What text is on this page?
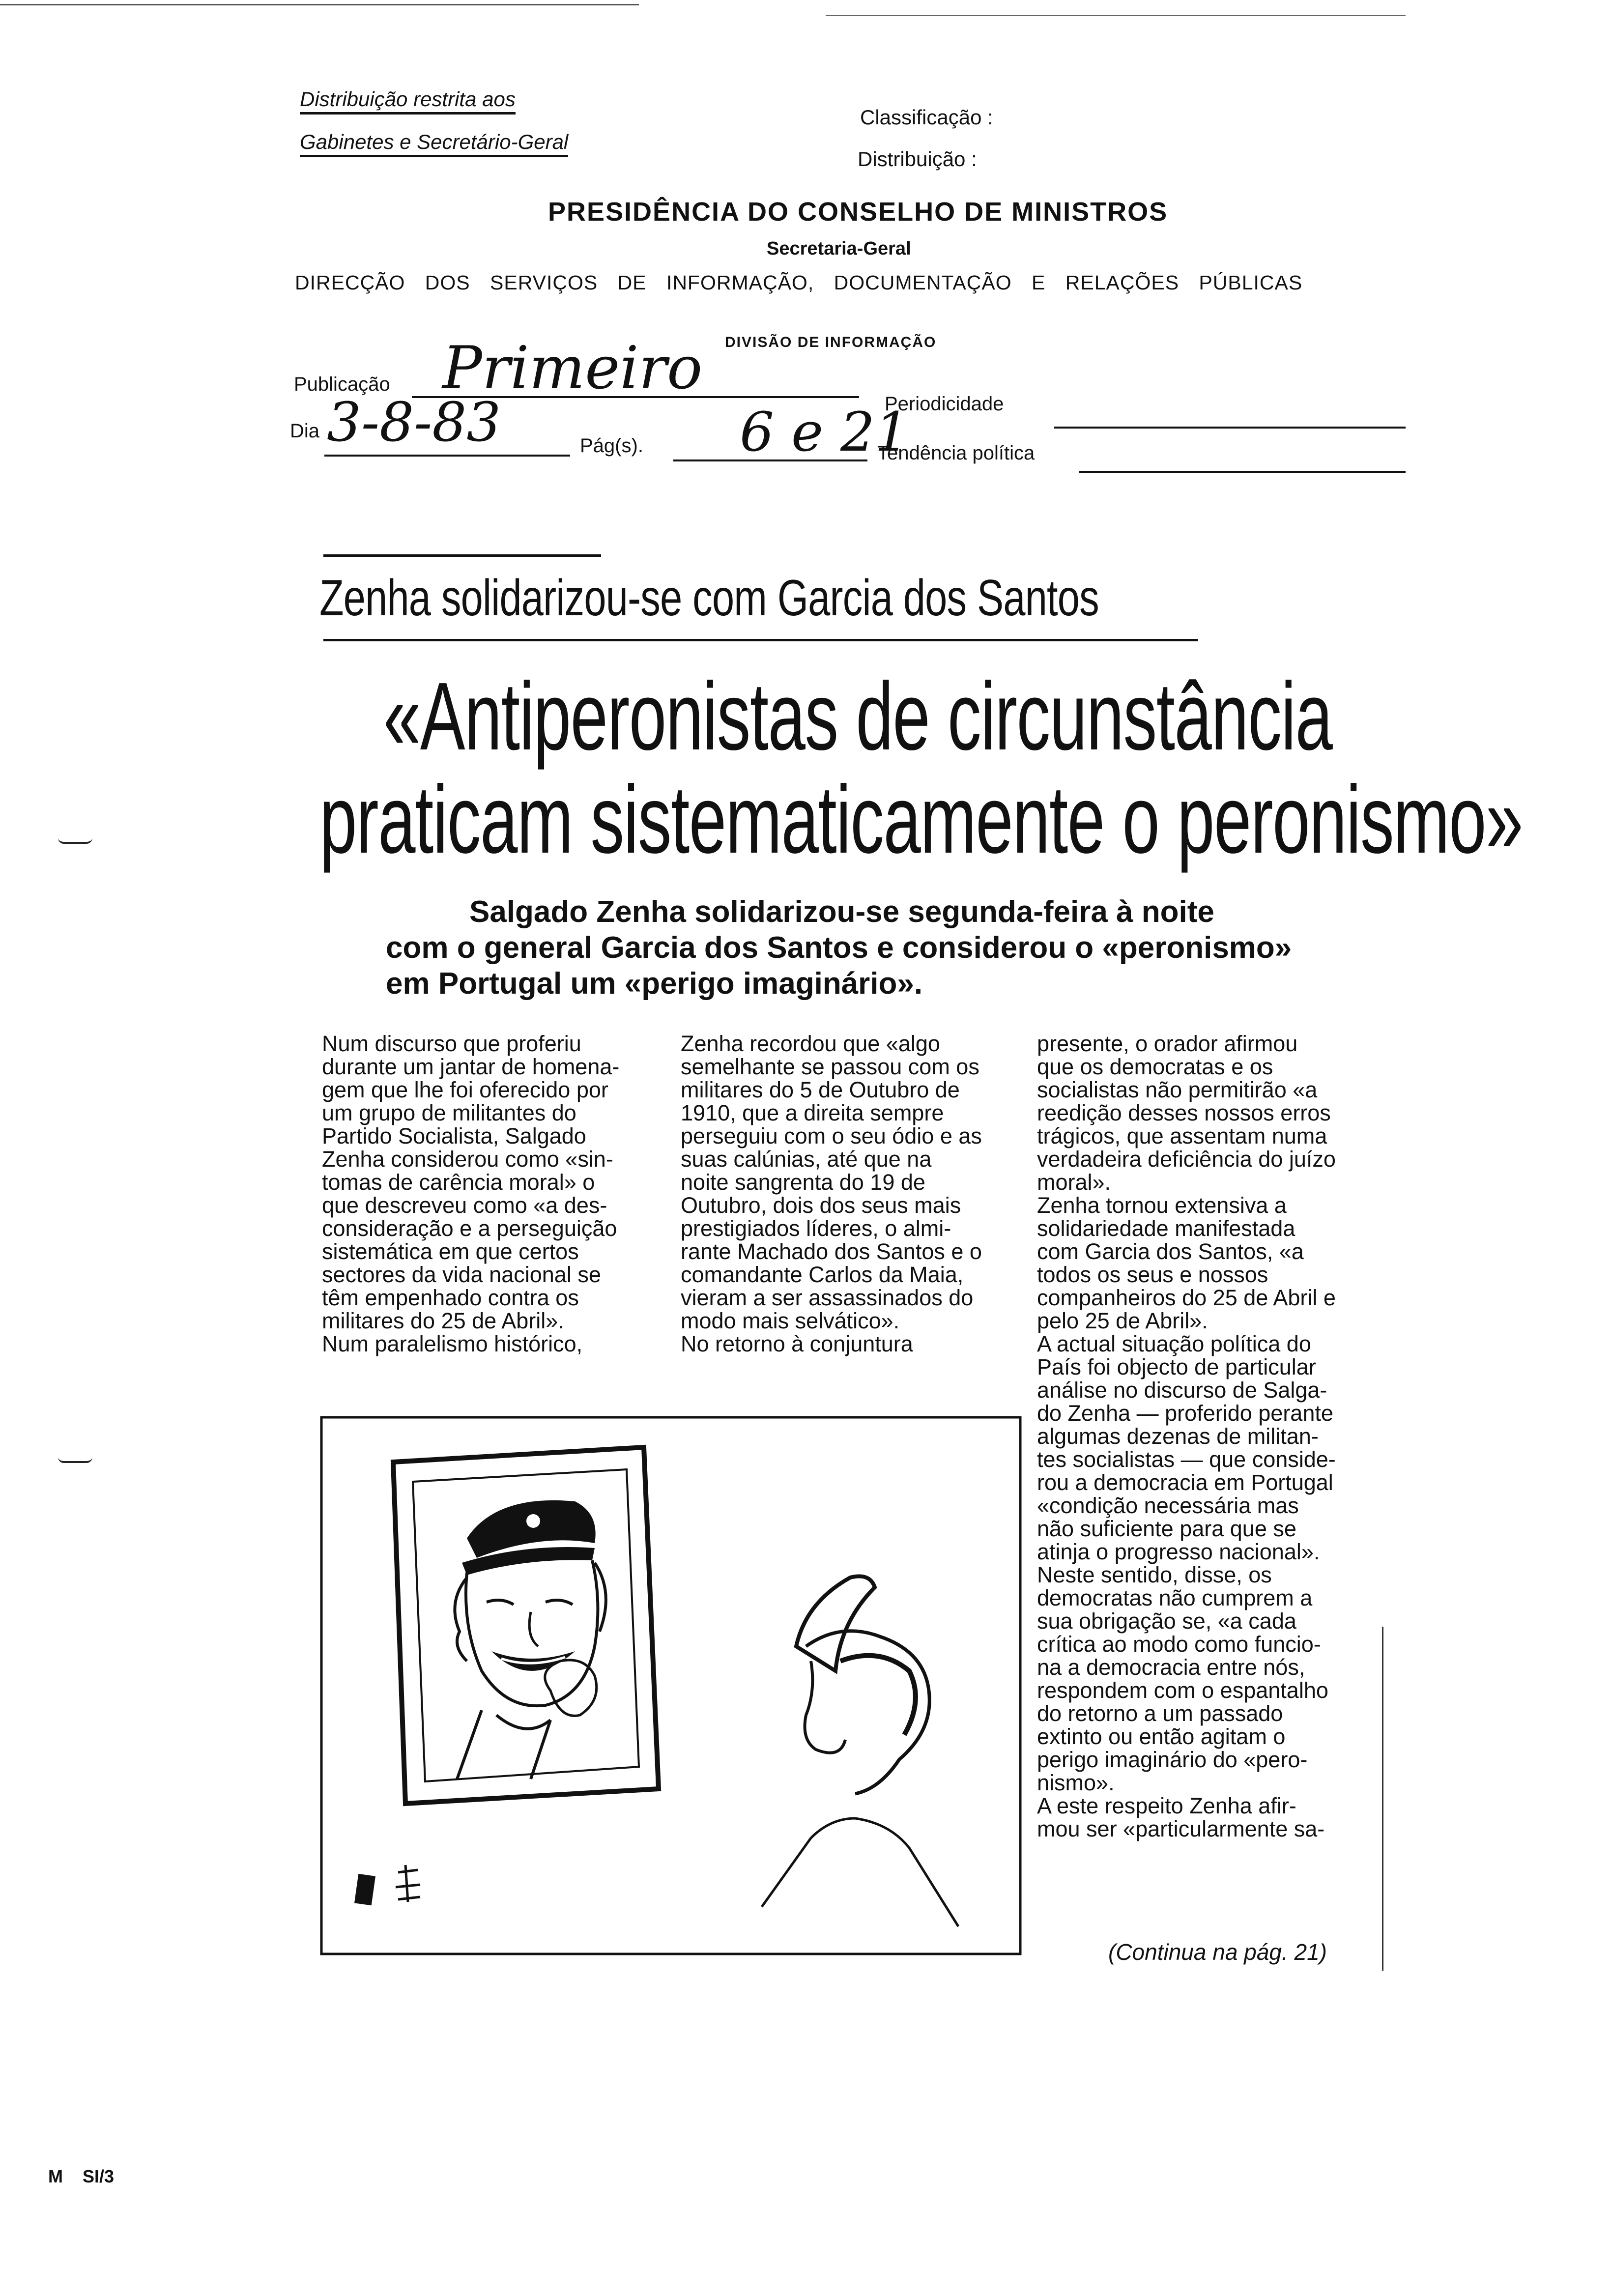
Distribuição restrita aos
Gabinetes e Secretário-Geral
Classificação :
Distribuição :
PRESIDÊNCIA DO CONSELHO DE MINISTROS
Secretaria-Geral
DIRECÇÃO DOS SERVIÇOS DE INFORMAÇÃO, DOCUMENTAÇÃO E RELAÇÕES PÚBLICAS
DIVISÃO DE INFORMAÇÃO
Publicação Primeiro
Dia 3-8-83	Pág(s). 6 e 21
Periodicidade
Tendência política
Zenha solidarizou-se com Garcia dos Santos
«Antiperonistas de circunstância
praticam sistematicamente o peronismo»
Salgado Zenha solidarizou-se segunda-feira à noite
com o general Garcia dos Santos e considerou o «peronismo»
em Portugal um «perigo imaginário».
Num discurso que proferiu
durante um jantar de homena-
gem que lhe foi oferecido por
um grupo de militantes do
Partido Socialista, Salgado
Zenha considerou como «sin-
tomas de carência moral» o
que descreveu como «a des-
consideração e a perseguição
sistemática em que certos
sectores da vida nacional se
têm empenhado contra os
militares do 25 de Abril».
Num paralelismo histórico,
Zenha recordou que «algo
semelhante se passou com os
militares do 5 de Outubro de
1910, que a direita sempre
perseguiu com o seu ódio e as
suas calúnias, até que na
noite sangrenta do 19 de
Outubro, dois dos seus mais
prestigiados líderes, o almi-
rante Machado dos Santos e o
comandante Carlos da Maia,
vieram a ser assassinados do
modo mais selvático».
No retorno à conjuntura
presente, o orador afirmou
que os democratas e os
socialistas não permitirão «a
reedição desses nossos erros
trágicos, que assentam numa
verdadeira deficiência do juízo
moral».
Zenha tornou extensiva a
solidariedade manifestada
com Garcia dos Santos, «a
todos os seus e nossos
companheiros do 25 de Abril e
pelo 25 de Abril».
A actual situação política do
País foi objecto de particular
análise no discurso de Salga-
do Zenha — proferido perante
algumas dezenas de militan-
tes socialistas — que conside-
rou a democracia em Portugal
«condição necessária mas
não suficiente para que se
atinja o progresso nacional».
Neste sentido, disse, os
democratas não cumprem a
sua obrigação se, «a cada
crítica ao modo como funcio-
na a democracia entre nós,
respondem com o espantalho
do retorno a um passado
extinto ou então agitam o
perigo imaginário do «pero-
nismo».
A este respeito Zenha afir-
mou ser «particularmente sa-
(Continua na pág. 21)
M    SI/3
